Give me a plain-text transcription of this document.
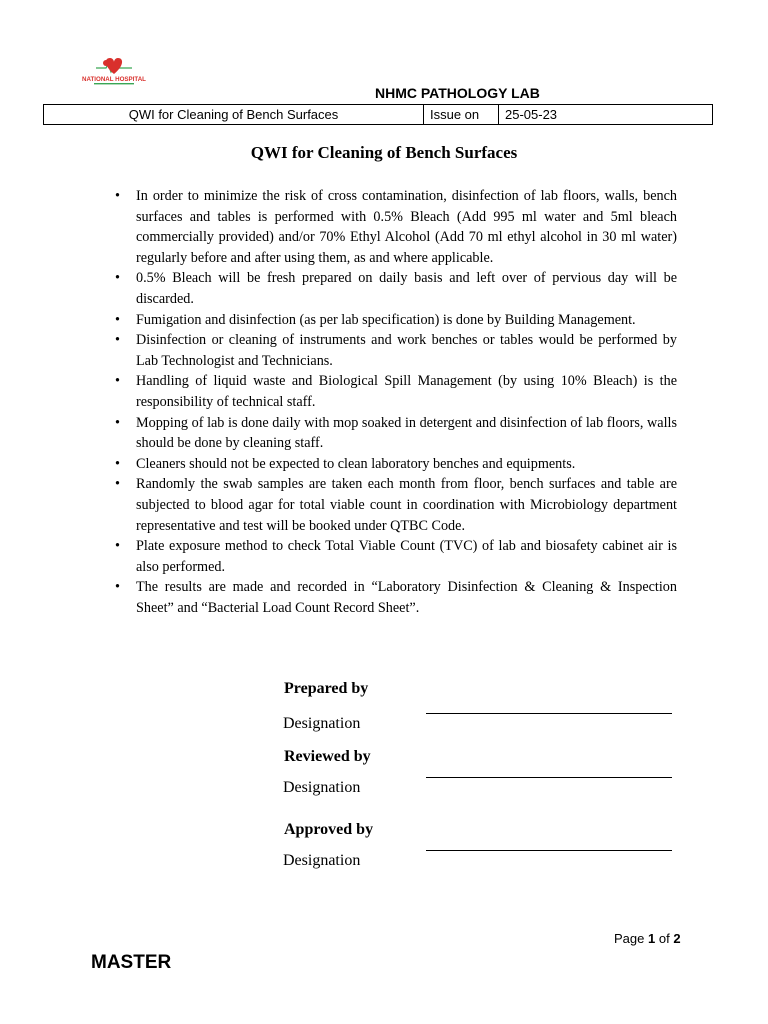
NATIONAL HOSPITAL
NHMC PATHOLOGY LAB
QWI for Cleaning of Bench Surfaces	Issue on	25-05-23
QWI for Cleaning of Bench Surfaces
• In order to minimize the risk of cross contamination, disinfection of lab floors, walls, bench surfaces and tables is performed with 0.5% Bleach (Add 995 ml water and 5ml bleach commercially provided) and/or 70% Ethyl Alcohol (Add 70 ml ethyl alcohol in 30 ml water) regularly before and after using them, as and where applicable.
• 0.5% Bleach will be fresh prepared on daily basis and left over of pervious day will be discarded.
• Fumigation and disinfection (as per lab specification) is done by Building Management.
• Disinfection or cleaning of instruments and work benches or tables would be performed by Lab Technologist and Technicians.
• Handling of liquid waste and Biological Spill Management (by using 10% Bleach) is the responsibility of technical staff.
• Mopping of lab is done daily with mop soaked in detergent and disinfection of lab floors, walls should be done by cleaning staff.
• Cleaners should not be expected to clean laboratory benches and equipments.
• Randomly the swab samples are taken each month from floor, bench surfaces and table are subjected to blood agar for total viable count in coordination with Microbiology department representative and test will be booked under QTBC Code.
• Plate exposure method to check Total Viable Count (TVC) of lab and biosafety cabinet air is also performed.
• The results are made and recorded in “Laboratory Disinfection & Cleaning & Inspection Sheet” and “Bacterial Load Count Record Sheet”.
Prepared by
Designation
Reviewed by
Designation
Approved by
Designation
Page 1 of 2
MASTER
